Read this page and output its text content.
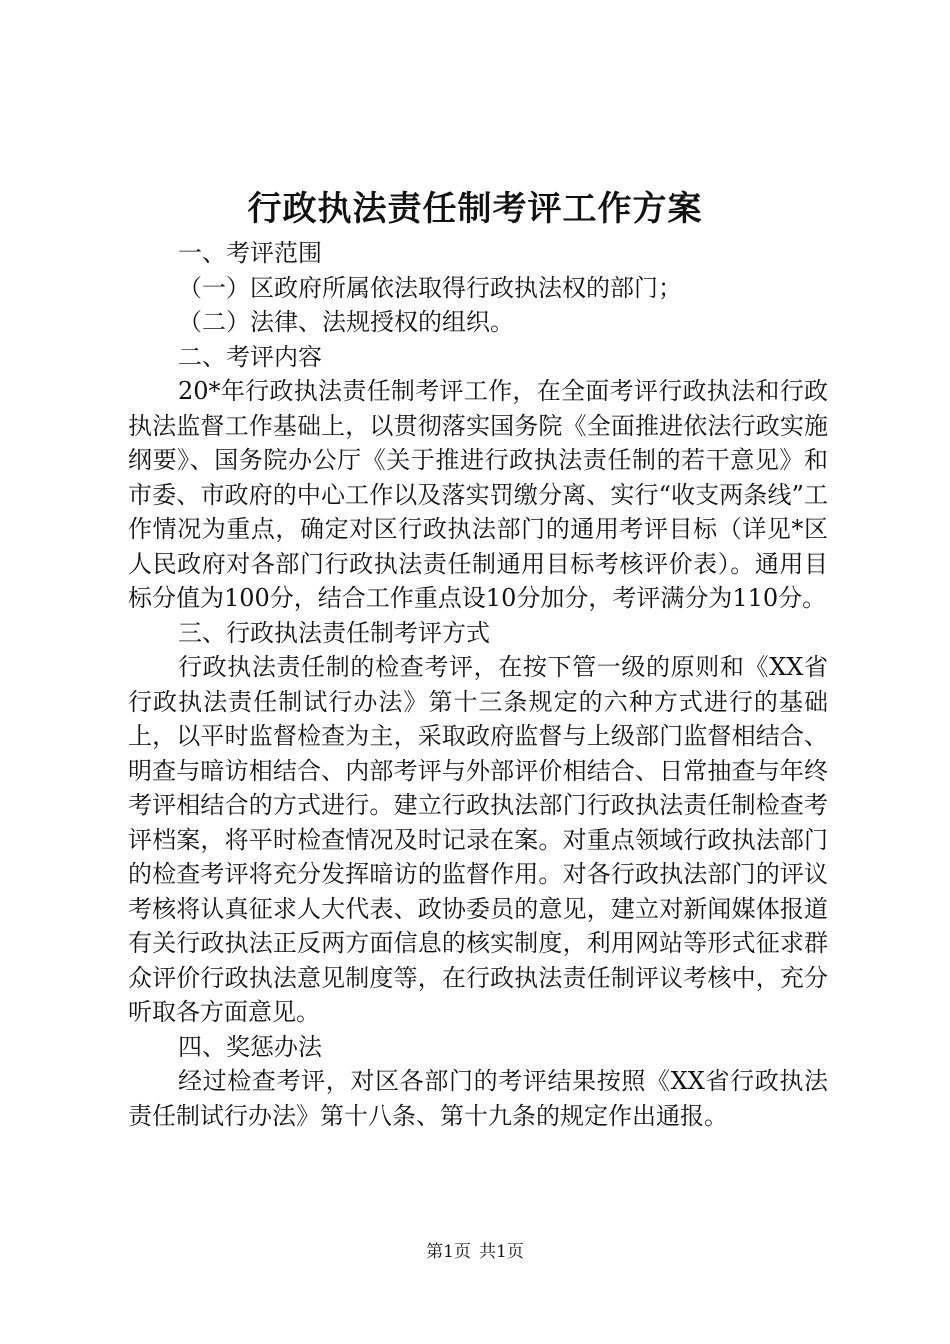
行政执法责任制考评工作方案

一、考评范围

（一）区政府所属依法取得行政执法权的部门；

（二）法律、法规授权的组织。

二、考评内容

20*年行政执法责任制考评工作，在全面考评行政执法和行政执法监督工作基础上，以贯彻落实国务院《全面推进依法行政实施纲要》、国务院办公厅《关于推进行政执法责任制的若干意见》和市委、市政府的中心工作以及落实罚缴分离、实行“收支两条线”工作情况为重点，确定对区行政执法部门的通用考评目标（详见*区人民政府对各部门行政执法责任制通用目标考核评价表）。通用目标分值为100分，结合工作重点设10分加分，考评满分为110分。

三、行政执法责任制考评方式

行政执法责任制的检查考评，在按下管一级的原则和《XX省行政执法责任制试行办法》第十三条规定的六种方式进行的基础上，以平时监督检查为主，采取政府监督与上级部门监督相结合、明查与暗访相结合、内部考评与外部评价相结合、日常抽查与年终考评相结合的方式进行。建立行政执法部门行政执法责任制检查考评档案，将平时检查情况及时记录在案。对重点领域行政执法部门的检查考评将充分发挥暗访的监督作用。对各行政执法部门的评议考核将认真征求人大代表、政协委员的意见，建立对新闻媒体报道有关行政执法正反两方面信息的核实制度，利用网站等形式征求群众评价行政执法意见制度等，在行政执法责任制评议考核中，充分听取各方面意见。

四、奖惩办法

经过检查考评，对区各部门的考评结果按照《XX省行政执法责任制试行办法》第十八条、第十九条的规定作出通报。

第1页 共1页
